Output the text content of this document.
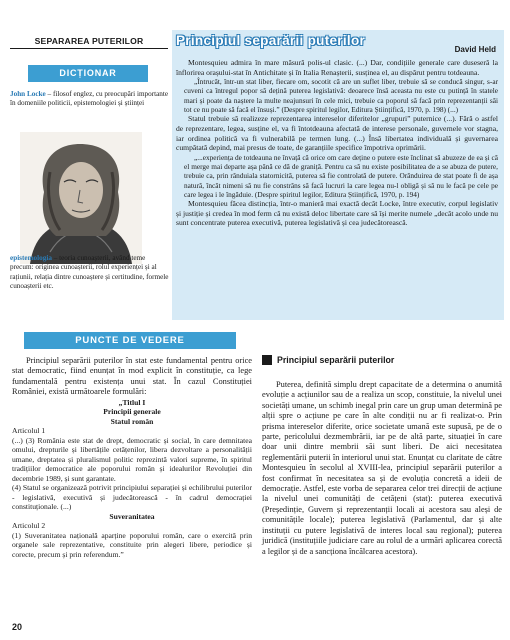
SEPARAREA PUTERILOR
DICȚIONAR
John Locke – filosof englez, cu preocupări importante în domeniile politicii, epistemologiei și științei
epistemologia – teoria cunoașterii, având teme precum: originea cunoașterii, rolul experienței și al rațiunii, relația dintre cunoaștere și certitudine, formele cunoașterii etc.
Principiul separării puterilor
David Held

Montesquieu admira în mare măsură polis-ul clasic. (...) Dar, condițiile generale care duseseră la înflorirea orașului-stat în Antichitate și în Italia Renașterii, susținea el, au dispărut pentru totdeauna.

„Întrucât, într-un stat liber, fiecare om, socotit că are un suflet liber, trebuie să se conducă singur, s-ar cuveni ca întregul popor să dețină puterea legislativă: deoarece însă aceasta nu este cu putință în statele mari și poate da naștere la multe neajunsuri în cele mici, trebuie ca poporul să facă prin reprezentanții săi tot ce nu poate să facă el însuși.” (Despre spiritul legilor, Editura Științifică, 1970, p. 198) (...)

Statul trebuie să realizeze reprezentarea intereselor diferitelor „grupuri” puternice (...). Fără o astfel de reprezentare, legea, susține el, va fi întotdeauna afectată de interese personale, guvernele vor stagna, iar ordinea politică va fi vulnerabilă pe termen lung. (...) Însă libertatea individuală și guvernarea cumpătată depind, mai presus de toate, de garanțiile specifice împotriva oprimării.

„...experiența de totdeauna ne învață că orice om care deține o putere este înclinat să abuzeze de ea și că el merge mai departe așa până ce dă de graniță. Pentru ca să nu existe posibilitatea de a se abuza de putere, trebuie ca, prin rânduiala statornicită, puterea să fie controlată de putere. Orânduirea de stat poate fi de așa natură, încât nimeni să nu fie constrâns să facă lucruri la care legea nu-l obligă și să nu le facă pe cele pe care legea i le îngăduie. (Despre spiritul legilor, Editura Științifică, 1970, p. 194)

Montesquieu făcea distincția, într-o manieră mai exactă decât Locke, între executiv, corpul legislativ și justiție și credea în mod ferm că nu există deloc libertate care să își merite numele „decât acolo unde nu sunt concentrate puterea executivă, puterea legislativă și cea judecătorească.

PUNCTE DE VEDERE

Principiul separării puterilor în stat este fundamental pentru orice stat democratic, fiind enunțat în mod explicit în constituție, ca lege fundamentală pentru existența unui stat. În cazul Constituției României, există următoarele formulări:

„Titlul I
Principii generale
Statul român
Articolul 1

(...) (3) România este stat de drept, democratic și social, în care demnitatea omului, drepturile și libertățile cetățenilor, libera dezvoltare a personalității umane, dreptatea și pluralismul politic reprezintă valori supreme, în spiritul tradițiilor democratice ale poporului român și idealurilor Revoluției din decembrie 1989, și sunt garantate.

(4) Statul se organizează potrivit principiului separației și echilibrului puterilor - legislativă, executivă și judecătorească - în cadrul democrației constituționale. (...)

Suveranitatea
Articolul 2

(1) Suveranitatea națională aparține poporului român, care o exercită prin organele sale reprezentative, constituite prin alegeri libere, periodice și corecte, precum și prin referendum.”

Principiul separării puterilor

Puterea, definită simplu drept capacitate de a determina o anumită evoluție a acțiunilor sau de a realiza un scop, constituie, la nivelul unei societăți umane, un schimb inegal prin care un grup uman determină pe alții spre o acțiune pe care în alte condiții nu ar fi realizat-o. Prin prisma intereselor diferite, orice societate umană este supusă, pe de o parte, pericolului dezmembrării, iar pe de altă parte, situației în care doar unii dintre membrii săi sunt liberi. De aici necesitatea reglementării puterii în interiorul unui stat. Enunțat cu claritate de către Montesquieu în secolul al XVIII-lea, principiul separării puterilor a fost confirmat în necesitatea sa și de evoluția concretă a ideii de democrație. Astfel, este vorba de separarea celor trei direcții de acțiune la nivelul unei comunități de cetățeni (stat): puterea executivă (Președinție, Guvern și reprezentanții locali ai acestora sau aleși de comunitățile locale); puterea legislativă (Parlamentul, dar și alte instituții cu putere legislativă de interes local sau regional); puterea juridică (instituțiile judiciare care au rolul de a urmări aplicarea corectă a legilor și de a sancționa încălcarea acestora).

20
